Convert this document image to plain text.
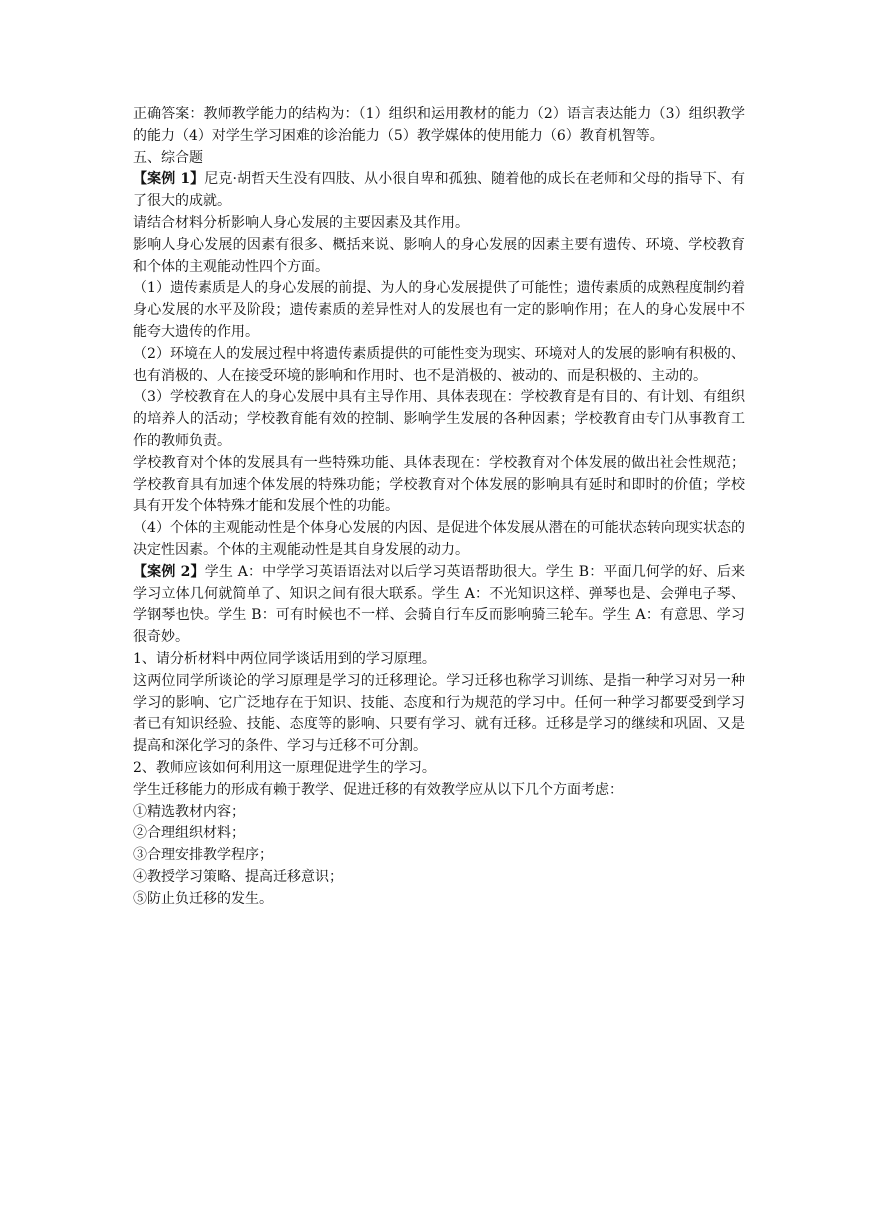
正确答案：教师教学能力的结构为：（1）组织和运用教材的能力（2）语言表达能力（3）组织教学的能力（4）对学生学习困难的诊治能力（5）教学媒体的使用能力（6）教育机智等。

五、综合题

【案例 1】尼克·胡哲天生没有四肢、从小很自卑和孤独、随着他的成长在老师和父母的指导下、有了很大的成就。

请结合材料分析影响人身心发展的主要因素及其作用。

影响人身心发展的因素有很多、概括来说、影响人的身心发展的因素主要有遗传、环境、学校教育和个体的主观能动性四个方面。

（1）遗传素质是人的身心发展的前提、为人的身心发展提供了可能性；遗传素质的成熟程度制约着身心发展的水平及阶段；遗传素质的差异性对人的发展也有一定的影响作用；在人的身心发展中不能夸大遗传的作用。

（2）环境在人的发展过程中将遗传素质提供的可能性变为现实、环境对人的发展的影响有积极的、也有消极的、人在接受环境的影响和作用时、也不是消极的、被动的、而是积极的、主动的。

（3）学校教育在人的身心发展中具有主导作用、具体表现在：学校教育是有目的、有计划、有组织的培养人的活动；学校教育能有效的控制、影响学生发展的各种因素；学校教育由专门从事教育工作的教师负责。

学校教育对个体的发展具有一些特殊功能、具体表现在：学校教育对个体发展的做出社会性规范；学校教育具有加速个体发展的特殊功能；学校教育对个体发展的影响具有延时和即时的价值；学校具有开发个体特殊才能和发展个性的功能。

（4）个体的主观能动性是个体身心发展的内因、是促进个体发展从潜在的可能状态转向现实状态的决定性因素。个体的主观能动性是其自身发展的动力。

【案例 2】学生 A：中学学习英语语法对以后学习英语帮助很大。学生 B：平面几何学的好、后来学习立体几何就简单了、知识之间有很大联系。学生 A：不光知识这样、弹琴也是、会弹电子琴、学钢琴也快。学生 B：可有时候也不一样、会骑自行车反而影响骑三轮车。学生 A：有意思、学习很奇妙。

1、请分析材料中两位同学谈话用到的学习原理。

这两位同学所谈论的学习原理是学习的迁移理论。学习迁移也称学习训练、是指一种学习对另一种学习的影响、它广泛地存在于知识、技能、态度和行为规范的学习中。任何一种学习都要受到学习者已有知识经验、技能、态度等的影响、只要有学习、就有迁移。迁移是学习的继续和巩固、又是提高和深化学习的条件、学习与迁移不可分割。

2、教师应该如何利用这一原理促进学生的学习。

学生迁移能力的形成有赖于教学、促进迁移的有效教学应从以下几个方面考虑：

①精选教材内容；

②合理组织材料；

③合理安排教学程序；

④教授学习策略、提高迁移意识；

⑤防止负迁移的发生。
